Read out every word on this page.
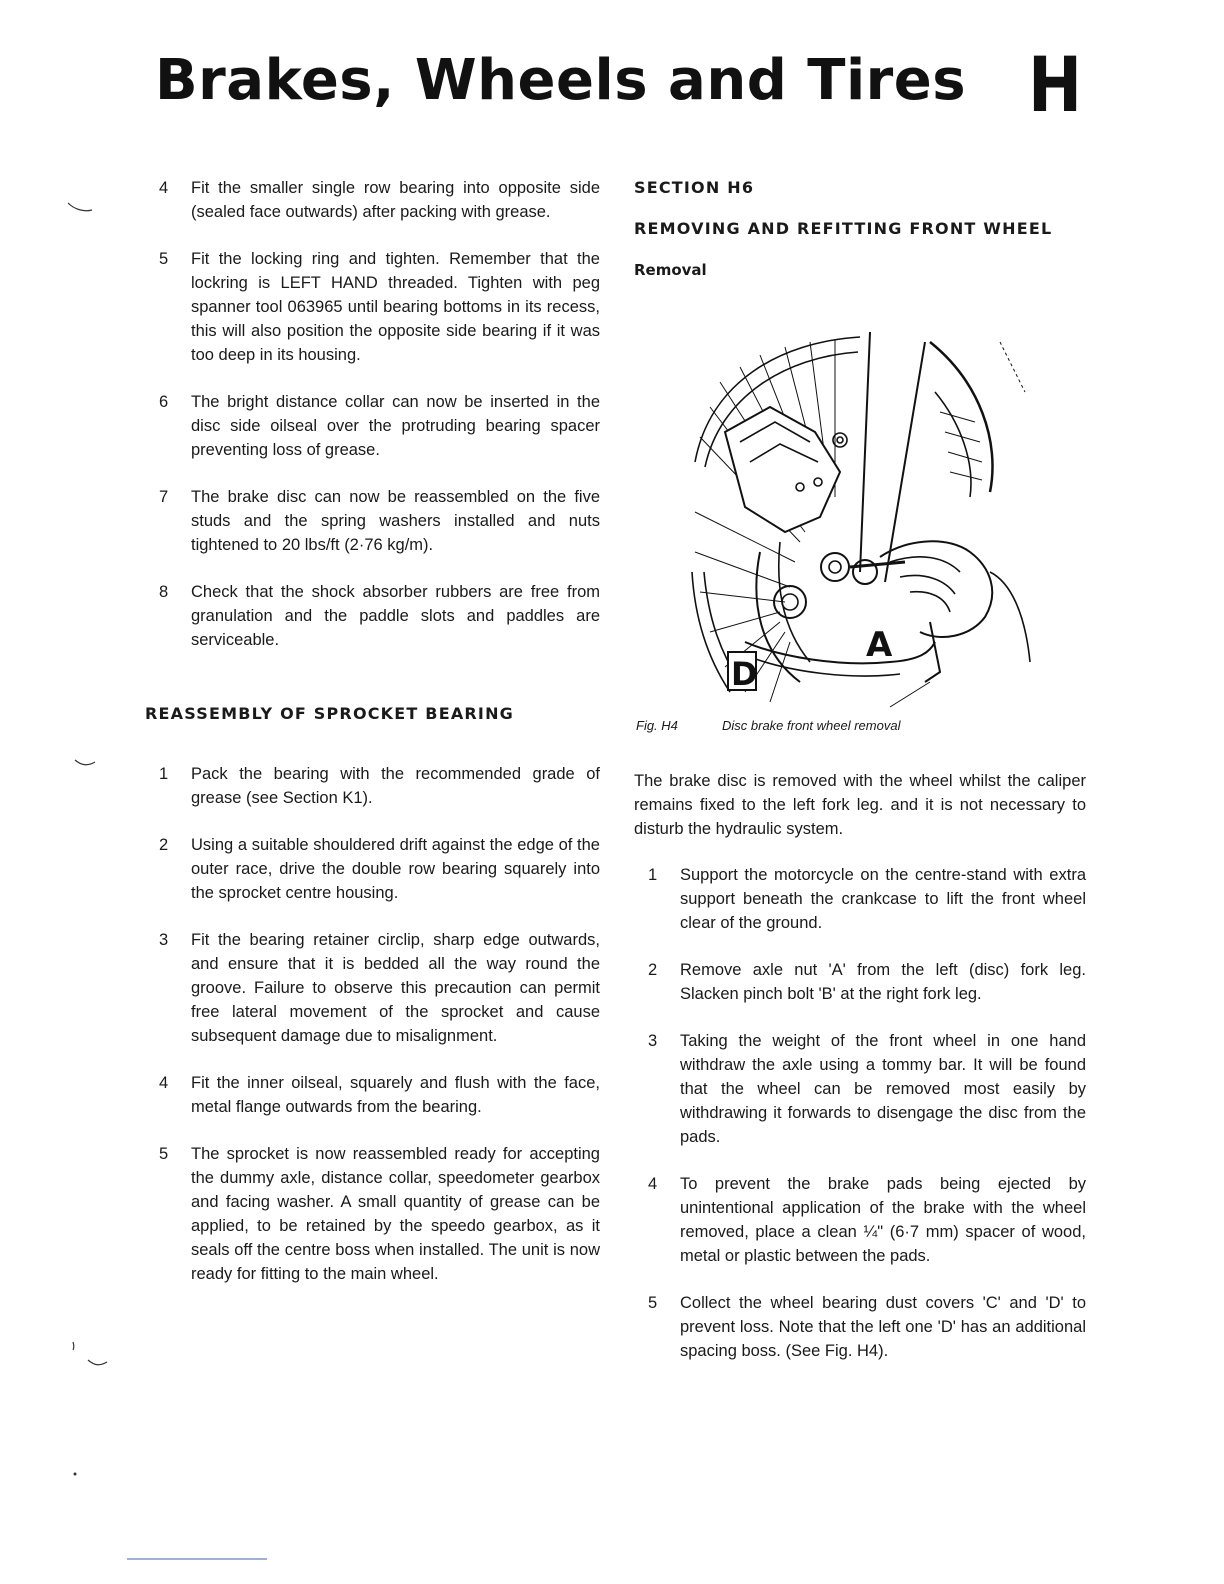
Brakes, Wheels and Tires H
4 Fit the smaller single row bearing into opposite side (sealed face outwards) after packing with grease.
5 Fit the locking ring and tighten. Remember that the lockring is LEFT HAND threaded. Tighten with peg spanner tool 063965 until bearing bottoms in its recess, this will also position the opposite side bearing if it was too deep in its housing.
6 The bright distance collar can now be inserted in the disc side oilseal over the protruding bearing spacer preventing loss of grease.
7 The brake disc can now be reassembled on the five studs and the spring washers installed and nuts tightened to 20 lbs/ft (2·76 kg/m).
8 Check that the shock absorber rubbers are free from granulation and the paddle slots and paddles are serviceable.
REASSEMBLY OF SPROCKET BEARING
1 Pack the bearing with the recommended grade of grease (see Section K1).
2 Using a suitable shouldered drift against the edge of the outer race, drive the double row bearing squarely into the sprocket centre housing.
3 Fit the bearing retainer circlip, sharp edge outwards, and ensure that it is bedded all the way round the groove. Failure to observe this precaution can permit free lateral movement of the sprocket and cause subsequent damage due to misalignment.
4 Fit the inner oilseal, squarely and flush with the face, metal flange outwards from the bearing.
5 The sprocket is now reassembled ready for accepting the dummy axle, distance collar, speedometer gearbox and facing washer. A small quantity of grease can be applied, to be retained by the speedo gearbox, as it seals off the centre boss when installed. The unit is now ready for fitting to the main wheel.
SECTION H6
REMOVING AND REFITTING FRONT WHEEL
Removal

The brake disc is removed with the wheel whilst the caliper remains fixed to the left fork leg. and it is not necessary to disturb the hydraulic system.

1 Support the motorcycle on the centre-stand with extra support beneath the crankcase to lift the front wheel clear of the ground.
2 Remove axle nut 'A' from the left (disc) fork leg. Slacken pinch bolt 'B' at the right fork leg.
3 Taking the weight of the front wheel in one hand withdraw the axle using a tommy bar. It will be found that the wheel can be removed most easily by withdrawing it forwards to disengage the disc from the pads.
4 To prevent the brake pads being ejected by unintentional application of the brake with the wheel removed, place a clean ¼" (6·7 mm) spacer of wood, metal or plastic between the pads.
5 Collect the wheel bearing dust covers 'C' and 'D' to prevent loss. Note that the left one 'D' has an additional spacing boss. (See Fig. H4).
A
D
Fig. H4	Disc brake front wheel removal
